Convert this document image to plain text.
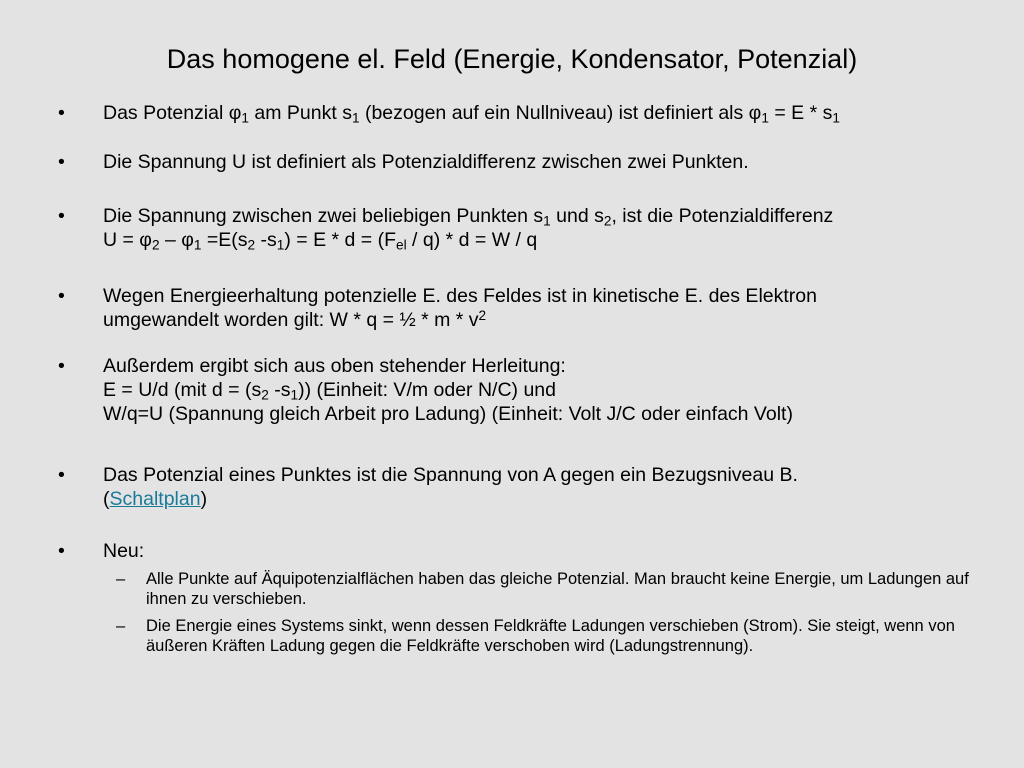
Das homogene el. Feld (Energie, Kondensator, Potenzial)
• Das Potenzial $\varphi_1$ am Punkt $s_1$ (bezogen auf ein Nullniveau) ist definiert als $\varphi_1 = E * s_1$
• Die Spannung U ist definiert als Potenzialdifferenz zwischen zwei Punkten.
• Die Spannung zwischen zwei beliebigen Punkten $s_1$ und $s_2$, ist die Potenzialdifferenz
$U = \varphi_2 - \varphi_1 =E(s_2$ $-s_1) = E * d = (F_{el} / q) * d = W / q$
• Wegen Energieerhaltung potenzielle E. des Feldes ist in kinetische E. des Elektron
umgewandelt worden gilt: W * q = ½ * m * $v^2$
• Außerdem ergibt sich aus oben stehender Herleitung:
E = U/d (mit $d = (s_2$ $-s_1$)) (Einheit: V/m oder N/C) und
W/q=U (Spannung gleich Arbeit pro Ladung) (Einheit: Volt J/C oder einfach Volt)
• Das Potenzial eines Punktes ist die Spannung von A gegen ein Bezugsniveau B.
(Schaltplan)
• Neu:
– Alle Punkte auf Äquipotenzialflächen haben das gleiche Potenzial. Man braucht keine Energie, um Ladungen auf ihnen zu verschieben.
– Die Energie eines Systems sinkt, wenn dessen Feldkräfte Ladungen verschieben (Strom). Sie steigt, wenn von äußeren Kräften Ladung gegen die Feldkräfte verschoben wird (Ladungstrennung).
